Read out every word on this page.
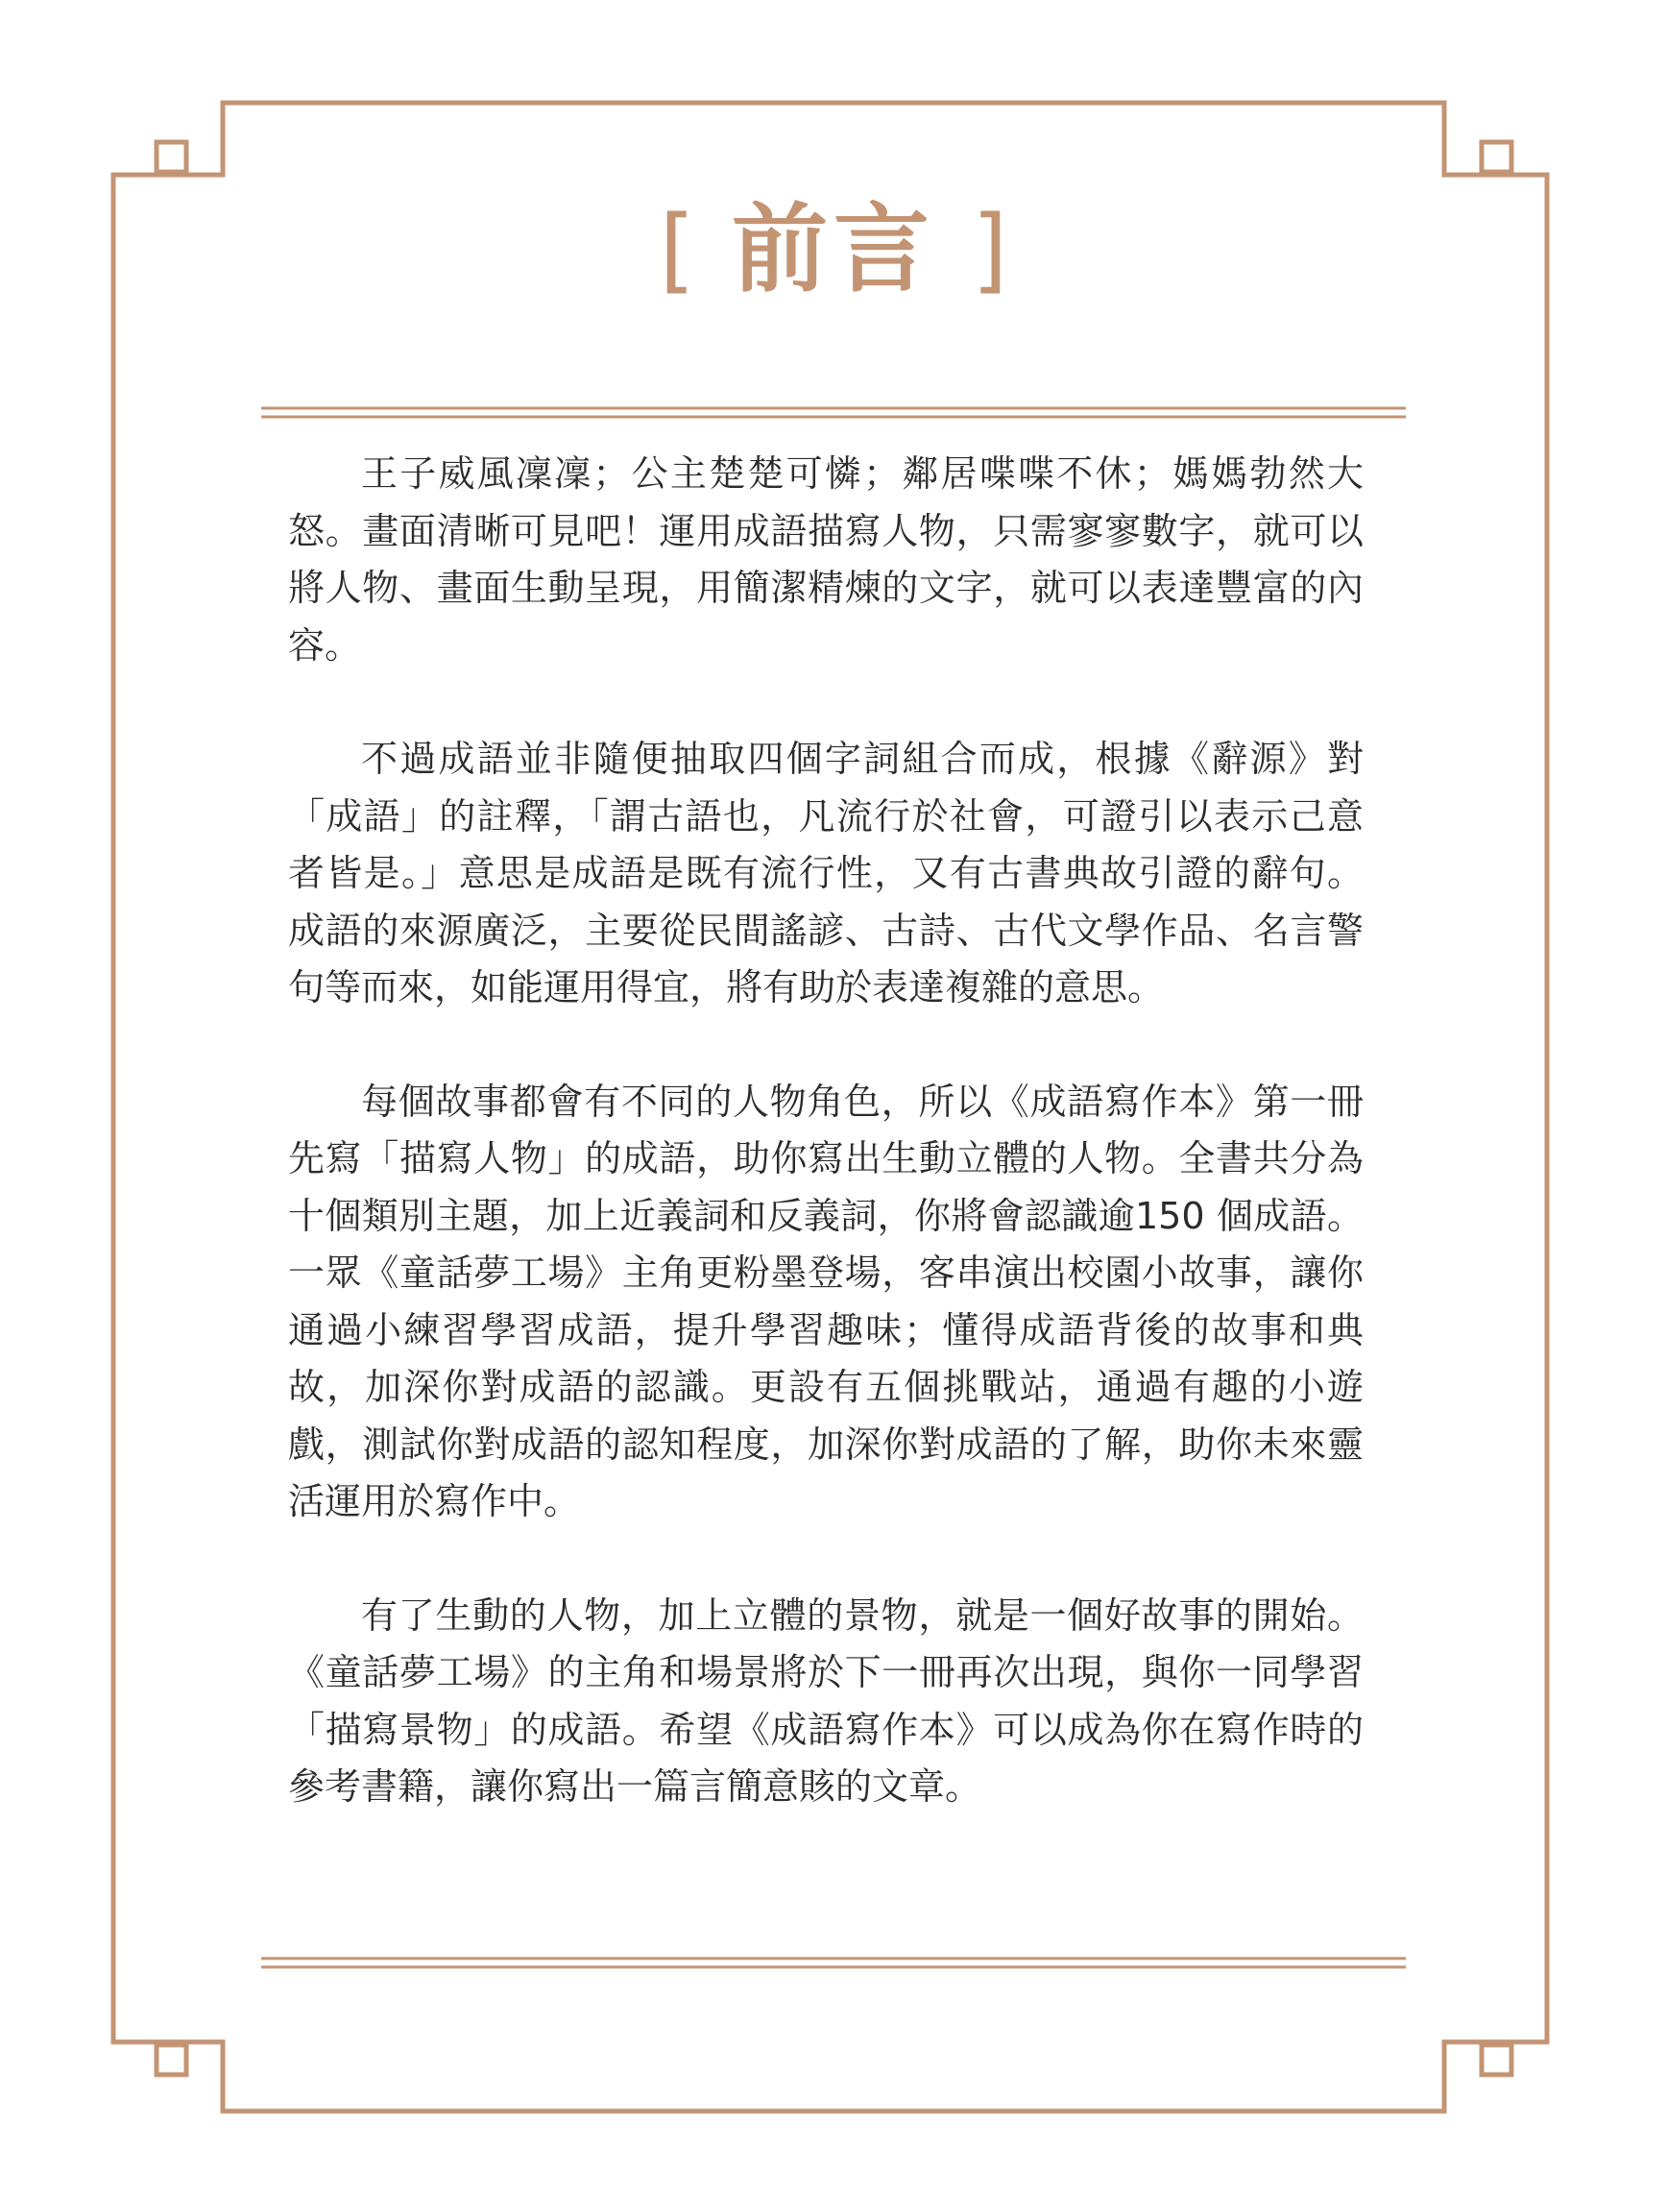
[ 前言 ]

王子威風凜凜；公主楚楚可憐；鄰居喋喋不休；媽媽勃然大怒。畫面清晰可見吧！運用成語描寫人物，只需寥寥數字，就可以將人物、畫面生動呈現，用簡潔精煉的文字，就可以表達豐富的內容。

不過成語並非隨便抽取四個字詞組合而成，根據《辭源》對「成語」的註釋，「謂古語也，凡流行於社會，可證引以表示己意者皆是。」意思是成語是既有流行性，又有古書典故引證的辭句。成語的來源廣泛，主要從民間謠諺、古詩、古代文學作品、名言警句等而來，如能運用得宜，將有助於表達複雜的意思。

每個故事都會有不同的人物角色，所以《成語寫作本》第一冊先寫「描寫人物」的成語，助你寫出生動立體的人物。全書共分為十個類別主題，加上近義詞和反義詞，你將會認識逾150 個成語。一眾《童話夢工場》主角更粉墨登場，客串演出校園小故事，讓你通過小練習學習成語，提升學習趣味；懂得成語背後的故事和典故，加深你對成語的認識。更設有五個挑戰站，通過有趣的小遊戲，測試你對成語的認知程度，加深你對成語的了解，助你未來靈活運用於寫作中。

有了生動的人物，加上立體的景物，就是一個好故事的開始。《童話夢工場》的主角和場景將於下一冊再次出現，與你一同學習「描寫景物」的成語。希望《成語寫作本》可以成為你在寫作時的參考書籍，讓你寫出一篇言簡意賅的文章。
